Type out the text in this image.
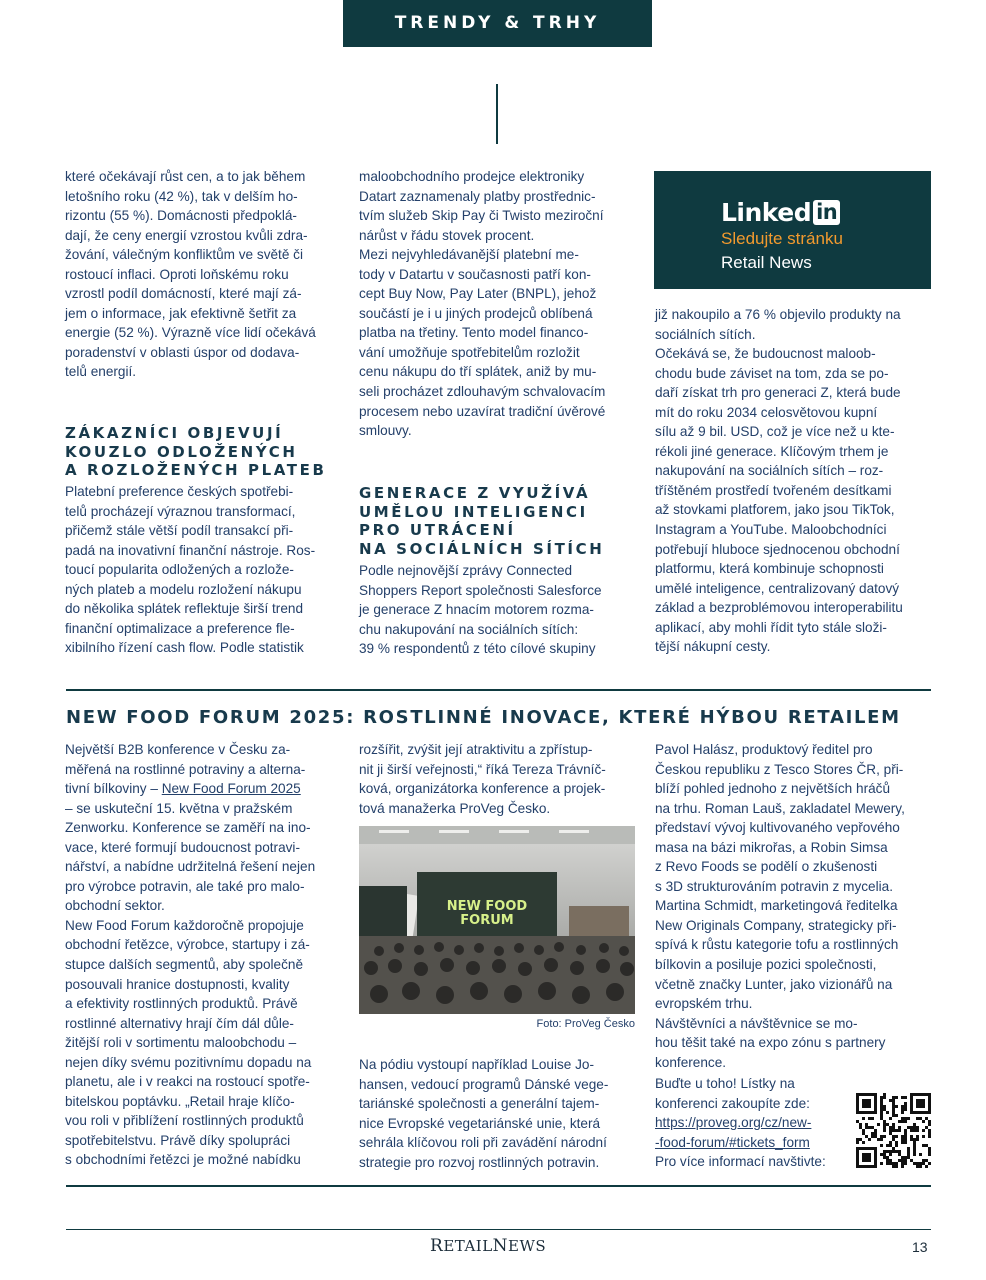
TRENDY & TRHY

které očekávají růst cen, a to jak během

letošního roku (42 %), tak v delším ho-

rizontu (55 %). Domácnosti předpoklá-

dají, že ceny energií vzrostou kvůli zdra-

žování, válečným konfliktům ve světě či

rostoucí inflaci. Oproti loňskému roku

vzrostl podíl domácností, které mají zá-

jem o informace, jak efektivně šetřit za

energie (52 %). Výrazně více lidí očekává

poradenství v oblasti úspor od dodava-

telů energií.

ZÁKAZNÍCI OBJEVUJÍ
KOUZLO ODLOŽENÝCH
A ROZLOŽENÝCH PLATEB

Platební preference českých spotřebi-

telů procházejí výraznou transformací,

přičemž stále větší podíl transakcí při-

padá na inovativní finanční nástroje. Ros-

toucí popularita odložených a rozlože-

ných plateb a modelu rozložení nákupu

do několika splátek reflektuje širší trend

finanční optimalizace a preference fle-

xibilního řízení cash flow. Podle statistik

maloobchodního prodejce elektroniky

Datart zaznamenaly platby prostřednic-

tvím služeb Skip Pay či Twisto meziroční

nárůst v řádu stovek procent.

Mezi nejvyhledávanější platební me-

tody v Datartu v současnosti patří kon-

cept Buy Now, Pay Later (BNPL), jehož

součástí je i u jiných prodejců oblíbená

platba na třetiny. Tento model financo-

vání umožňuje spotřebitelům rozložit

cenu nákupu do tří splátek, aniž by mu-

seli procházet zdlouhavým schvalovacím

procesem nebo uzavírat tradiční úvěrové

smlouvy.

GENERACE Z VYUŽÍVÁ
UMĚLOU INTELIGENCI
PRO UTRÁCENÍ
NA SOCIÁLNÍCH SÍTÍCH

Podle nejnovější zprávy Connected

Shoppers Report společnosti Salesforce

je generace Z hnacím motorem rozma-

chu nakupování na sociálních sítích:

39 % respondentů z této cílové skupiny

Linked in
Sledujte stránku
Retail News

již nakoupilo a 76 % objevilo produkty na

sociálních sítích.

Očekává se, že budoucnost maloob-

chodu bude záviset na tom, zda se po-

daří získat trh pro generaci Z, která bude

mít do roku 2034 celosvětovou kupní

sílu až 9 bil. USD, což je více než u kte-

rékoli jiné generace. Klíčovým trhem je

nakupování na sociálních sítích – roz-

tříštěném prostředí tvořeném desítkami

až stovkami platforem, jako jsou TikTok,

Instagram a YouTube. Maloobchodníci

potřebují hluboce sjednocenou obchodní

platformu, která kombinuje schopnosti

umělé inteligence, centralizovaný datový

základ a bezproblémovou interoperabilitu

aplikací, aby mohli řídit tyto stále složi-

tější nákupní cesty.

NEW FOOD FORUM 2025: ROSTLINNÉ INOVACE, KTERÉ HÝBOU RETAILEM

Největší B2B konference v Česku za-

měřená na rostlinné potraviny a alterna-

tivní bílkoviny – New Food Forum 2025

– se uskuteční 15. května v pražském

Zenworku. Konference se zaměří na ino-

vace, které formují budoucnost potravi-

nářství, a nabídne udržitelná řešení nejen

pro výrobce potravin, ale také pro malo-

obchodní sektor.

New Food Forum každoročně propojuje

obchodní řetězce, výrobce, startupy i zá-

stupce dalších segmentů, aby společně

posouvali hranice dostupnosti, kvality

a efektivity rostlinných produktů. Právě

rostlinné alternativy hrají čím dál důle-

žitější roli v sortimentu maloobchodu –

nejen díky svému pozitivnímu dopadu na

planetu, ale i v reakci na rostoucí spotře-

bitelskou poptávku. „Retail hraje klíčo-

vou roli v přiblížení rostlinných produktů

spotřebitelstvu. Právě díky spolupráci

s obchodními řetězci je možné nabídku

rozšířit, zvýšit její atraktivitu a zpřístup-

nit ji širší veřejnosti,“ říká Tereza Trávníč-

ková, organizátorka konference a projek-

tová manažerka ProVeg Česko.

NEW FOOD
FORUM
Foto: ProVeg Česko

Na pódiu vystoupí například Louise Jo-

hansen, vedoucí programů Dánské vege-

tariánské společnosti a generální tajem-

nice Evropské vegetariánské unie, která

sehrála klíčovou roli při zavádění národní

strategie pro rozvoj rostlinných potravin.

Pavol Halász, produktový ředitel pro

Českou republiku z Tesco Stores ČR, při-

blíží pohled jednoho z největších hráčů

na trhu. Roman Lauš, zakladatel Mewery,

představí vývoj kultivovaného vepřového

masa na bázi mikrořas, a Robin Simsa

z Revo Foods se podělí o zkušenosti

s 3D strukturováním potravin z mycelia.

Martina Schmidt, marketingová ředitelka

New Originals Company, strategicky při-

spívá k růstu kategorie tofu a rostlinných

bílkovin a posiluje pozici společnosti,

včetně značky Lunter, jako vizionářů na

evropském trhu.

Návštěvníci a návštěvnice se mo-

hou těšit také na expo zónu s partnery

konference.

Buďte u toho! Lístky na

konferenci zakoupíte zde:

https://proveg.org/cz/new-

-food-forum/#tickets_form

Pro více informací navštivte:

RETAILNEWS	13
